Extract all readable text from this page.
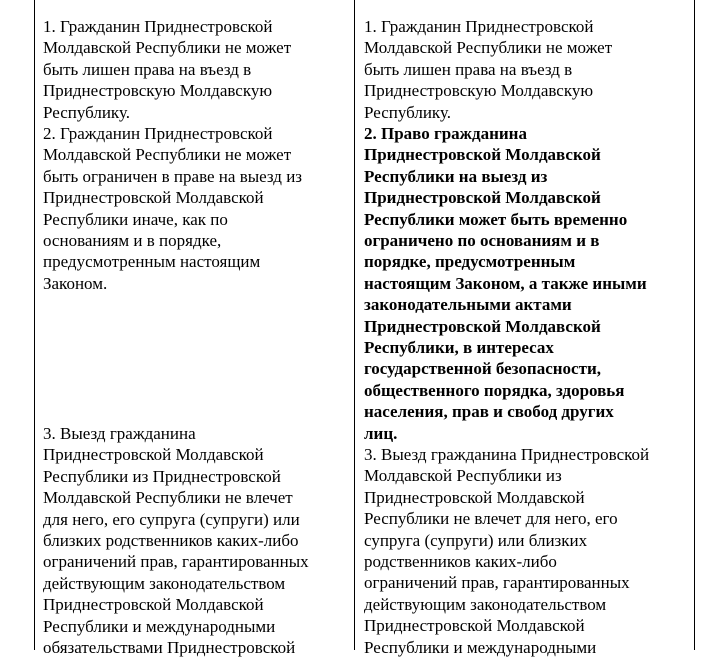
1. Гражданин Приднестровской
Молдавской Республики не может
быть лишен права на въезд в
Приднестровскую Молдавскую
Республику.

2. Гражданин Приднестровской
Молдавской Республики не может
быть ограничен в праве на выезд из
Приднестровской Молдавской
Республики иначе, как по
основаниям и в порядке,
предусмотренным настоящим
Законом.

3. Выезд гражданина
Приднестровской Молдавской
Республики из Приднестровской
Молдавской Республики не влечет
для него, его супруга (супруги) или
близких родственников каких-либо
ограничений прав, гарантированных
действующим законодательством
Приднестровской Молдавской
Республики и международными
обязательствами Приднестровской

1. Гражданин Приднестровской
Молдавской Республики не может
быть лишен права на въезд в
Приднестровскую Молдавскую
Республику.

2. Право гражданина
Приднестровской Молдавской
Республики на выезд из
Приднестровской Молдавской
Республики может быть временно
ограничено по основаниям и в
порядке, предусмотренным
настоящим Законом, а также иными
законодательными актами
Приднестровской Молдавской
Республики, в интересах
государственной безопасности,
общественного порядка, здоровья
населения, прав и свобод других
лиц.

3. Выезд гражданина Приднестровской
Молдавской Республики из
Приднестровской Молдавской
Республики не влечет для него, его
супруга (супруги) или близких
родственников каких-либо
ограничений прав, гарантированных
действующим законодательством
Приднестровской Молдавской
Республики и международными
